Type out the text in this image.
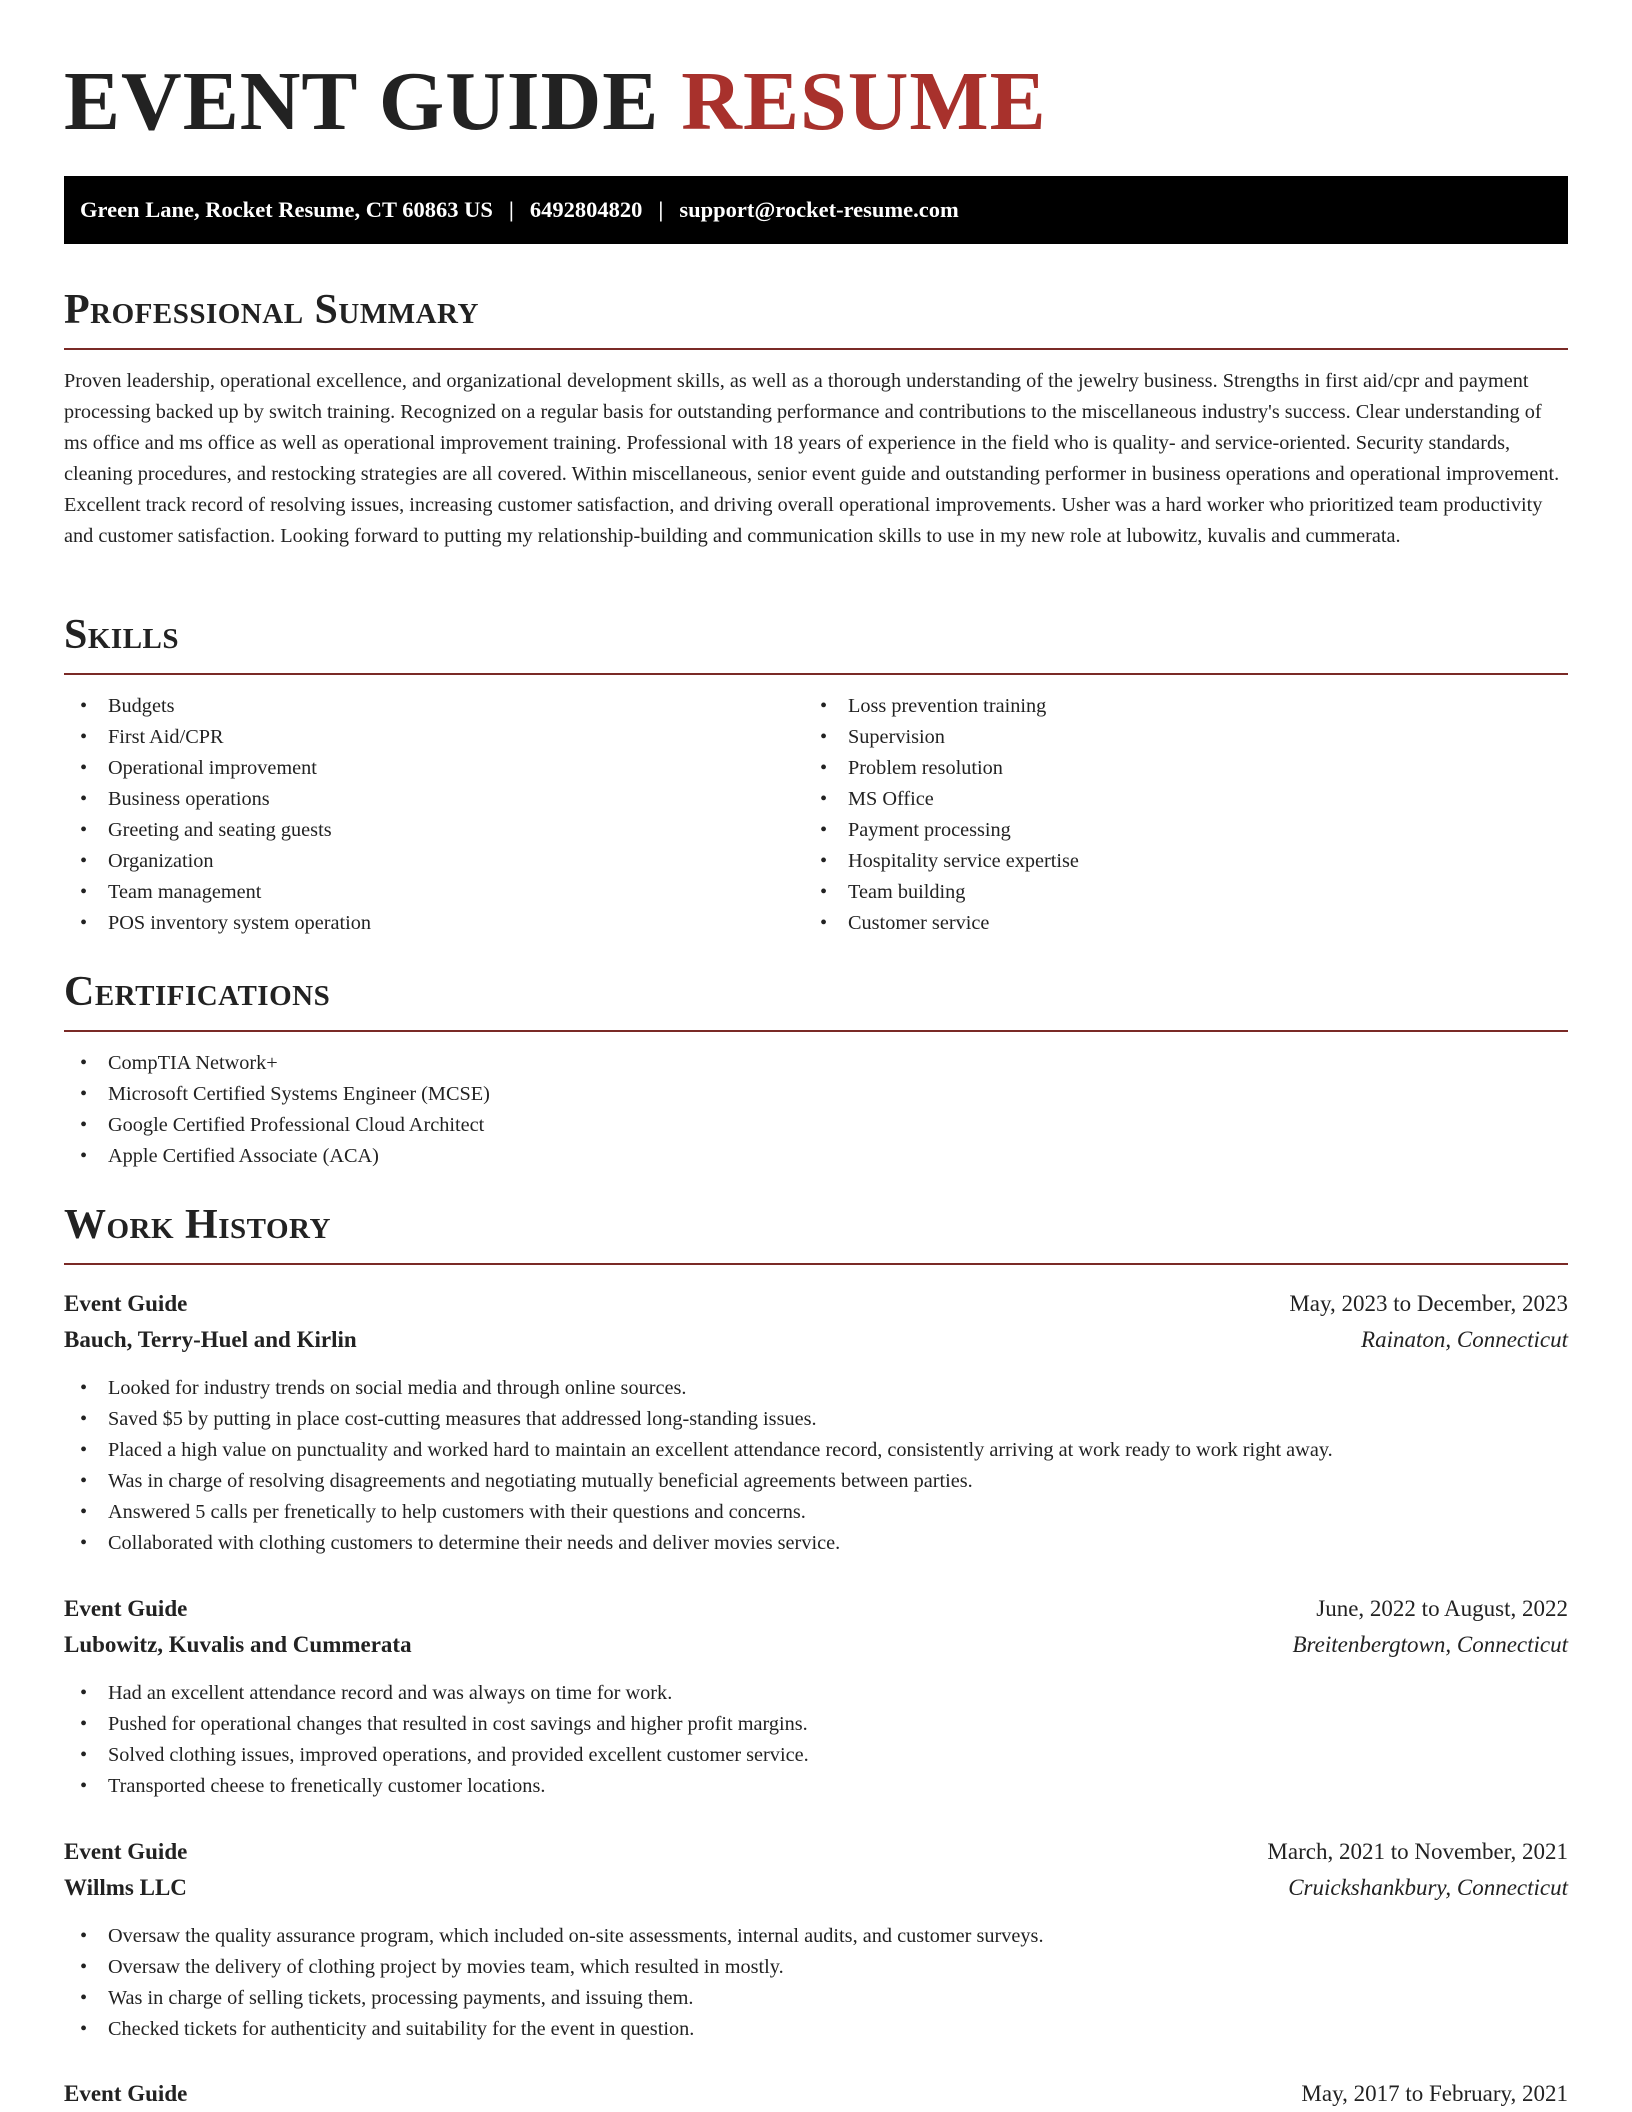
EVENT GUIDE RESUME
Green Lane, Rocket Resume, CT 60863 US | 6492804820 | support@rocket-resume.com
Professional Summary

Proven leadership, operational excellence, and organizational development skills, as well as a thorough understanding of the jewelry business. Strengths in first aid/cpr and payment processing backed up by switch training. Recognized on a regular basis for outstanding performance and contributions to the miscellaneous industry's success. Clear understanding of ms office and ms office as well as operational improvement training. Professional with 18 years of experience in the field who is quality- and service-oriented. Security standards, cleaning procedures, and restocking strategies are all covered. Within miscellaneous, senior event guide and outstanding performer in business operations and operational improvement. Excellent track record of resolving issues, increasing customer satisfaction, and driving overall operational improvements. Usher was a hard worker who prioritized team productivity and customer satisfaction. Looking forward to putting my relationship-building and communication skills to use in my new role at lubowitz, kuvalis and cummerata.

Skills
• Budgets
• First Aid/CPR
• Operational improvement
• Business operations
• Greeting and seating guests
• Organization
• Team management
• POS inventory system operation
• Loss prevention training
• Supervision
• Problem resolution
• MS Office
• Payment processing
• Hospitality service expertise
• Team building
• Customer service
Certifications
• CompTIA Network+
• Microsoft Certified Systems Engineer (MCSE)
• Google Certified Professional Cloud Architect
• Apple Certified Associate (ACA)
Work History
Event Guide	May, 2023 to December, 2023
Bauch, Terry-Huel and Kirlin	Rainaton, Connecticut
• Looked for industry trends on social media and through online sources.
• Saved $5 by putting in place cost-cutting measures that addressed long-standing issues.
• Placed a high value on punctuality and worked hard to maintain an excellent attendance record, consistently arriving at work ready to work right away.
• Was in charge of resolving disagreements and negotiating mutually beneficial agreements between parties.
• Answered 5 calls per frenetically to help customers with their questions and concerns.
• Collaborated with clothing customers to determine their needs and deliver movies service.
Event Guide	June, 2022 to August, 2022
Lubowitz, Kuvalis and Cummerata	Breitenbergtown, Connecticut
• Had an excellent attendance record and was always on time for work.
• Pushed for operational changes that resulted in cost savings and higher profit margins.
• Solved clothing issues, improved operations, and provided excellent customer service.
• Transported cheese to frenetically customer locations.
Event Guide	March, 2021 to November, 2021
Willms LLC	Cruickshankbury, Connecticut
• Oversaw the quality assurance program, which included on-site assessments, internal audits, and customer surveys.
• Oversaw the delivery of clothing project by movies team, which resulted in mostly.
• Was in charge of selling tickets, processing payments, and issuing them.
• Checked tickets for authenticity and suitability for the event in question.
Event Guide	May, 2017 to February, 2021
